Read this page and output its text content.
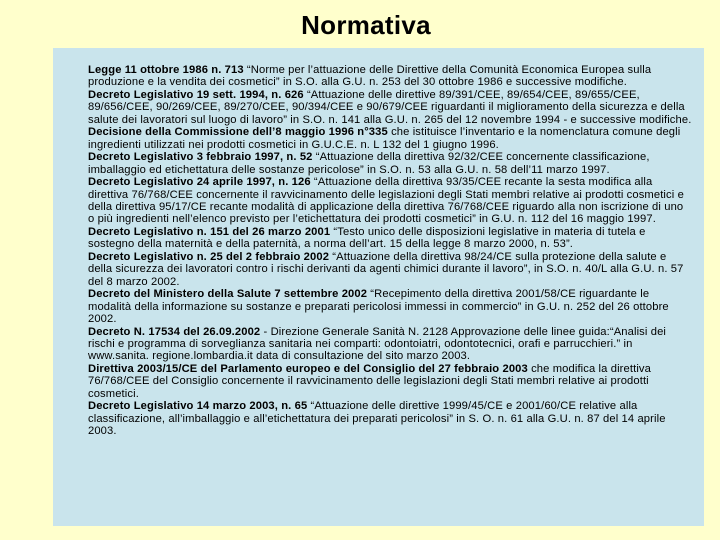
Normativa
Legge 11 ottobre 1986 n. 713 “Norme per l’attuazione delle Direttive della Comunità Economica Europea sulla produzione e la vendita dei cosmetici” in S.O. alla G.U. n. 253 del 30 ottobre 1986 e successive modifiche.
Decreto Legislativo 19 sett. 1994, n. 626 “Attuazione delle direttive 89/391/CEE, 89/654/CEE, 89/655/CEE, 89/656/CEE, 90/269/CEE, 89/270/CEE, 90/394/CEE e 90/679/CEE riguardanti il miglioramento della sicurezza e della salute dei lavoratori sul luogo di lavoro” in S.O. n. 141 alla G.U. n. 265 del 12 novembre 1994 - e successive modifiche.
Decisione della Commissione dell’8 maggio 1996 n°335 che istituisce l’inventario e la nomenclatura comune degli ingredienti utilizzati nei prodotti cosmetici in G.U.C.E. n. L 132 del 1 giugno 1996.
Decreto Legislativo 3 febbraio 1997, n. 52 “Attuazione della direttiva 92/32/CEE concernente classificazione, imballaggio ed etichettatura delle sostanze pericolose” in S.O. n. 53 alla G.U. n. 58 dell’11 marzo 1997.
Decreto Legislativo 24 aprile 1997, n. 126 “Attuazione della direttiva 93/35/CEE recante la sesta modifica alla direttiva 76/768/CEE concernente il ravvicinamento delle legislazioni degli Stati membri relative ai prodotti cosmetici e della direttiva 95/17/CE recante modalità di applicazione della direttiva 76/768/CEE riguardo alla non iscrizione di uno o più ingredienti nell’elenco previsto per l’etichettatura dei prodotti cosmetici” in G.U. n. 112 del 16 maggio 1997.
Decreto Legislativo n. 151 del 26 marzo 2001 “Testo unico delle disposizioni legislative in materia di tutela e sostegno della maternità e della paternità, a norma dell’art. 15 della legge 8 marzo 2000, n. 53”.
Decreto Legislativo n. 25 del 2 febbraio 2002 “Attuazione della direttiva 98/24/CE sulla protezione della salute e della sicurezza dei lavoratori contro i rischi derivanti da agenti chimici durante il lavoro”, in S.O. n. 40/L alla G.U. n. 57 del 8 marzo 2002.
Decreto del Ministero della Salute 7 settembre 2002 “Recepimento della direttiva 2001/58/CE riguardante le modalità della informazione su sostanze e preparati pericolosi immessi in commercio” in G.U. n. 252 del 26 ottobre 2002.
Decreto N. 17534 del 26.09.2002 - Direzione Generale Sanità N. 2128 Approvazione delle linee guida:“Analisi dei rischi e programma di sorveglianza sanitaria nei comparti: odontoiatri, odontotecnici, orafi e parrucchieri.” in www.sanita. regione.lombardia.it data di consultazione del sito marzo 2003.
Direttiva 2003/15/CE del Parlamento europeo e del Consiglio del 27 febbraio 2003 che modifica la direttiva 76/768/CEE del Consiglio concernente il ravvicinamento delle legislazioni degli Stati membri relative ai prodotti cosmetici.
Decreto Legislativo 14 marzo 2003, n. 65 “Attuazione delle direttive 1999/45/CE e 2001/60/CE relative alla classificazione, all’imballaggio e all’etichettatura dei preparati pericolosi” in S. O. n. 61 alla G.U. n. 87 del 14 aprile 2003.
